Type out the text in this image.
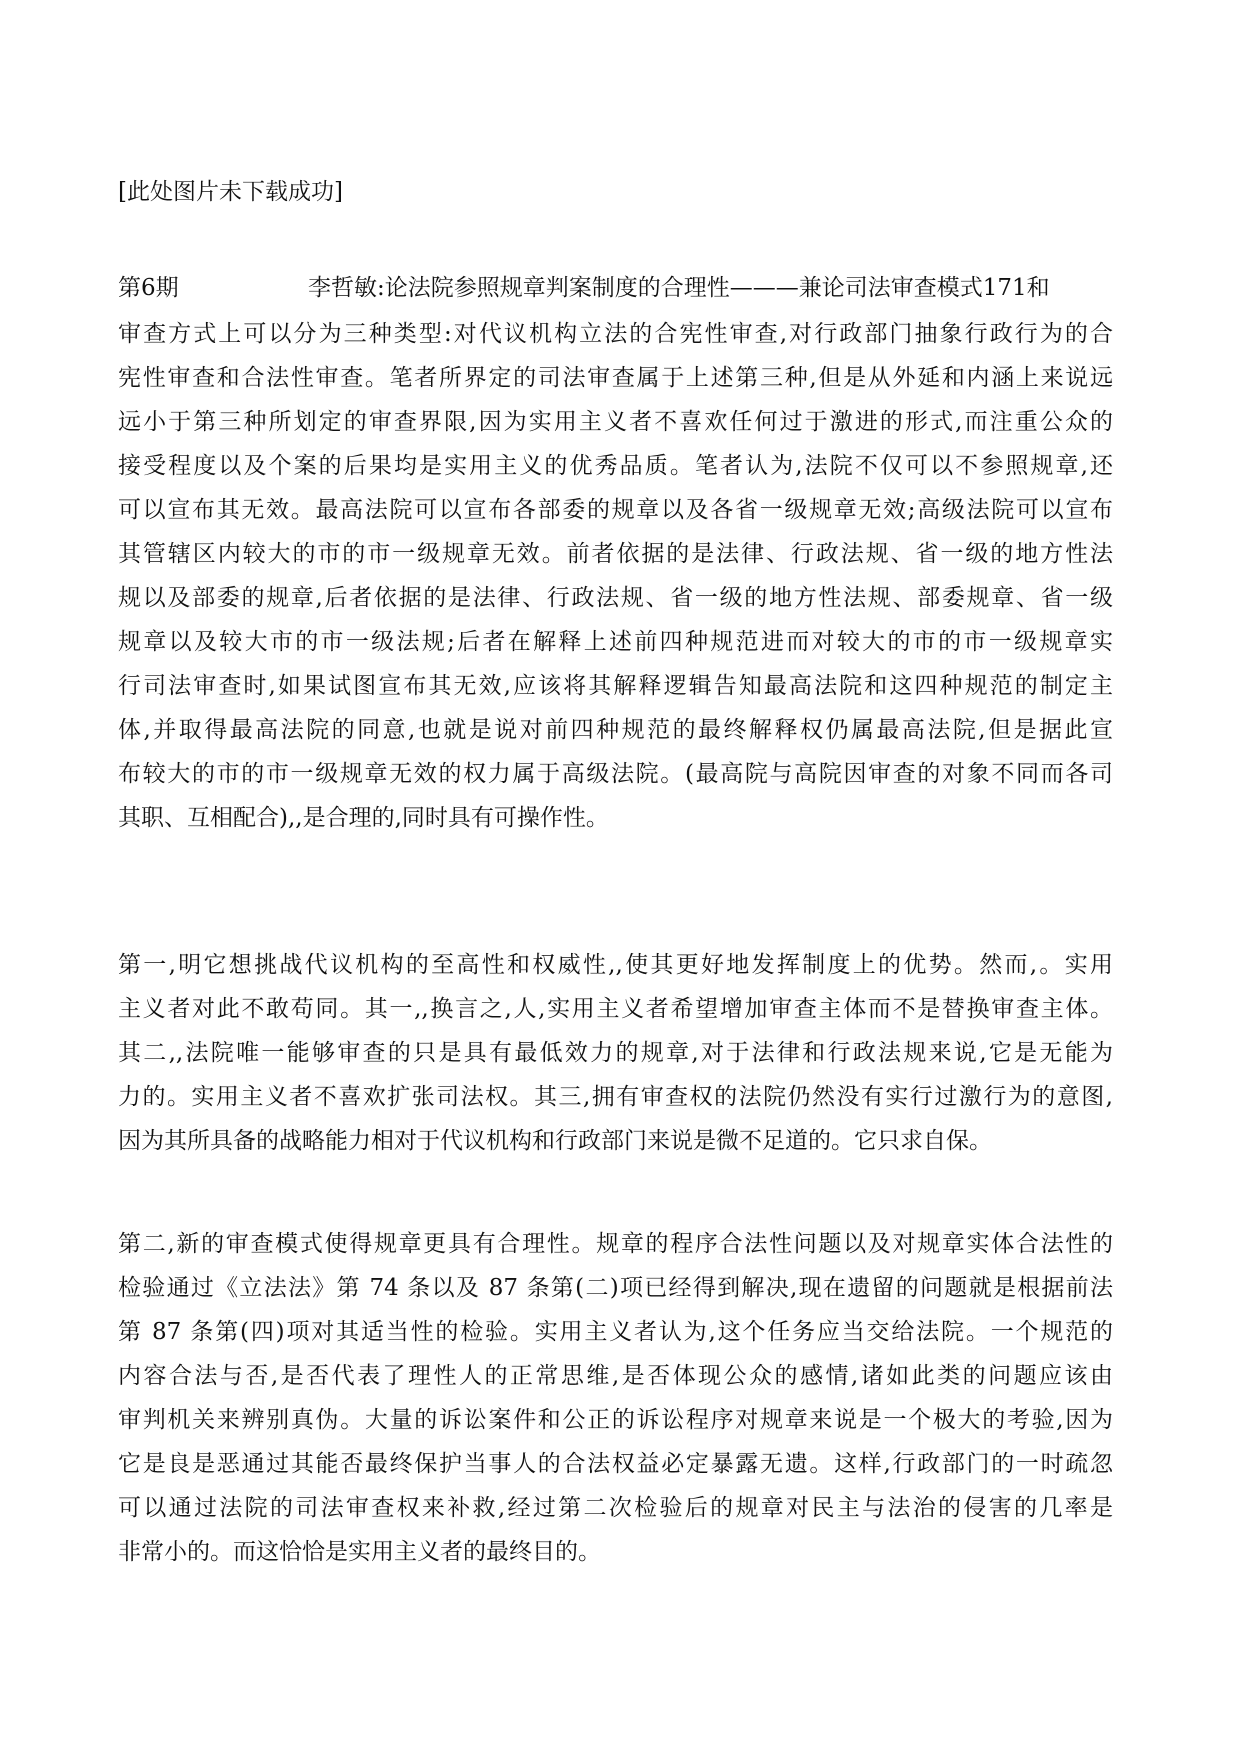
[此处图片未下载成功]
第6期	李哲敏:论法院参照规章判案制度的合理性———兼论司法审查模式171和
审查方式上可以分为三种类型:对代议机构立法的合宪性审查,对行政部门抽象行政行为的合
宪性审查和合法性审查。笔者所界定的司法审查属于上述第三种,但是从外延和内涵上来说远
远小于第三种所划定的审查界限,因为实用主义者不喜欢任何过于激进的形式,而注重公众的
接受程度以及个案的后果均是实用主义的优秀品质。笔者认为,法院不仅可以不参照规章,还
可以宣布其无效。最高法院可以宣布各部委的规章以及各省一级规章无效;高级法院可以宣布
其管辖区内较大的市的市一级规章无效。前者依据的是法律、行政法规、省一级的地方性法
规以及部委的规章,后者依据的是法律、行政法规、省一级的地方性法规、部委规章、省一级
规章以及较大市的市一级法规;后者在解释上述前四种规范进而对较大的市的市一级规章实
行司法审查时,如果试图宣布其无效,应该将其解释逻辑告知最高法院和这四种规范的制定主
体,并取得最高法院的同意,也就是说对前四种规范的最终解释权仍属最高法院,但是据此宣
布较大的市的市一级规章无效的权力属于高级法院。(最高院与高院因审查的对象不同而各司
其职、互相配合),,是合理的,同时具有可操作性。
第一,明它想挑战代议机构的至高性和权威性,,使其更好地发挥制度上的优势。然而,。实用
主义者对此不敢苟同。其一,,换言之,人,实用主义者希望增加审查主体而不是替换审查主体。
其二,,法院唯一能够审查的只是具有最低效力的规章,对于法律和行政法规来说,它是无能为
力的。实用主义者不喜欢扩张司法权。其三,拥有审查权的法院仍然没有实行过激行为的意图,
因为其所具备的战略能力相对于代议机构和行政部门来说是微不足道的。它只求自保。
第二,新的审查模式使得规章更具有合理性。规章的程序合法性问题以及对规章实体合法性的
检验通过《立法法》第 74 条以及 87 条第(二)项已经得到解决,现在遗留的问题就是根据前法
第 87 条第(四)项对其适当性的检验。实用主义者认为,这个任务应当交给法院。一个规范的
内容合法与否,是否代表了理性人的正常思维,是否体现公众的感情,诸如此类的问题应该由
审判机关来辨别真伪。大量的诉讼案件和公正的诉讼程序对规章来说是一个极大的考验,因为
它是良是恶通过其能否最终保护当事人的合法权益必定暴露无遗。这样,行政部门的一时疏忽
可以通过法院的司法审查权来补救,经过第二次检验后的规章对民主与法治的侵害的几率是
非常小的。而这恰恰是实用主义者的最终目的。
